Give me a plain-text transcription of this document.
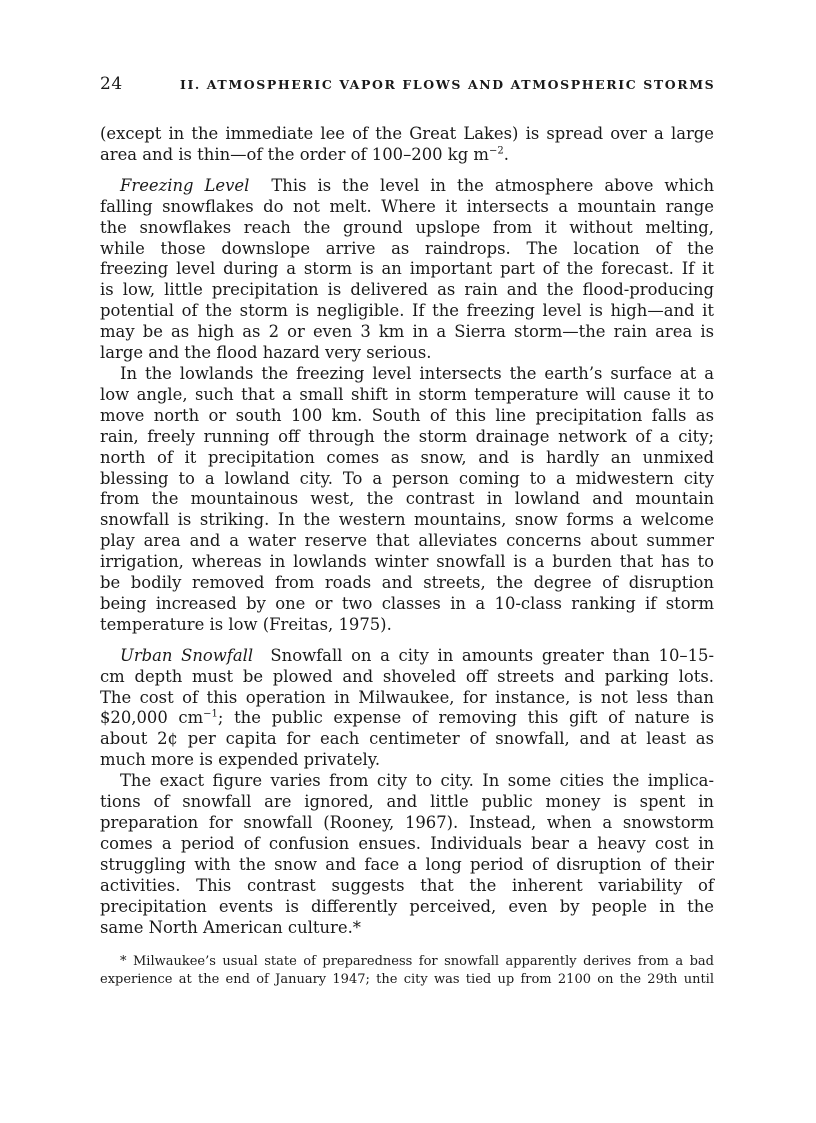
24	II. ATMOSPHERIC VAPOR FLOWS AND ATMOSPHERIC STORMS

(except in the immediate lee of the Great Lakes) is spread over a large
area and is thin—of the order of 100–200 kg $m^{-2}$.

Freezing Level  This is the level in the atmosphere above which
falling snowflakes do not melt. Where it intersects a mountain range
the snowflakes reach the ground upslope from it without melting,
while those downslope arrive as raindrops. The location of the
freezing level during a storm is an important part of the forecast. If it
is low, little precipitation is delivered as rain and the flood-producing
potential of the storm is negligible. If the freezing level is high—and it
may be as high as 2 or even 3 km in a Sierra storm—the rain area is
large and the flood hazard very serious.

In the lowlands the freezing level intersects the earth’s surface at a
low angle, such that a small shift in storm temperature will cause it to
move north or south 100 km. South of this line precipitation falls as
rain, freely running off through the storm drainage network of a city;
north of it precipitation comes as snow, and is hardly an unmixed
blessing to a lowland city. To a person coming to a midwestern city
from the mountainous west, the contrast in lowland and mountain
snowfall is striking. In the western mountains, snow forms a welcome
play area and a water reserve that alleviates concerns about summer
irrigation, whereas in lowlands winter snowfall is a burden that has to
be bodily removed from roads and streets, the degree of disruption
being increased by one or two classes in a 10-class ranking if storm
temperature is low (Freitas, 1975).

Urban Snowfall  Snowfall on a city in amounts greater than 10–15-
cm depth must be plowed and shoveled off streets and parking lots.
The cost of this operation in Milwaukee, for instance, is not less than
$20,000 $cm^{-1}$; the public expense of removing this gift of nature is
about 2¢ per capita for each centimeter of snowfall, and at least as
much more is expended privately.

The exact figure varies from city to city. In some cities the implica-
tions of snowfall are ignored, and little public money is spent in
preparation for snowfall (Rooney, 1967). Instead, when a snowstorm
comes a period of confusion ensues. Individuals bear a heavy cost in
struggling with the snow and face a long period of disruption of their
activities. This contrast suggests that the inherent variability of
precipitation events is differently perceived, even by people in the
same North American culture.*

* Milwaukee’s usual state of preparedness for snowfall apparently derives from a bad
experience at the end of January 1947; the city was tied up from 2100 on the 29th until
